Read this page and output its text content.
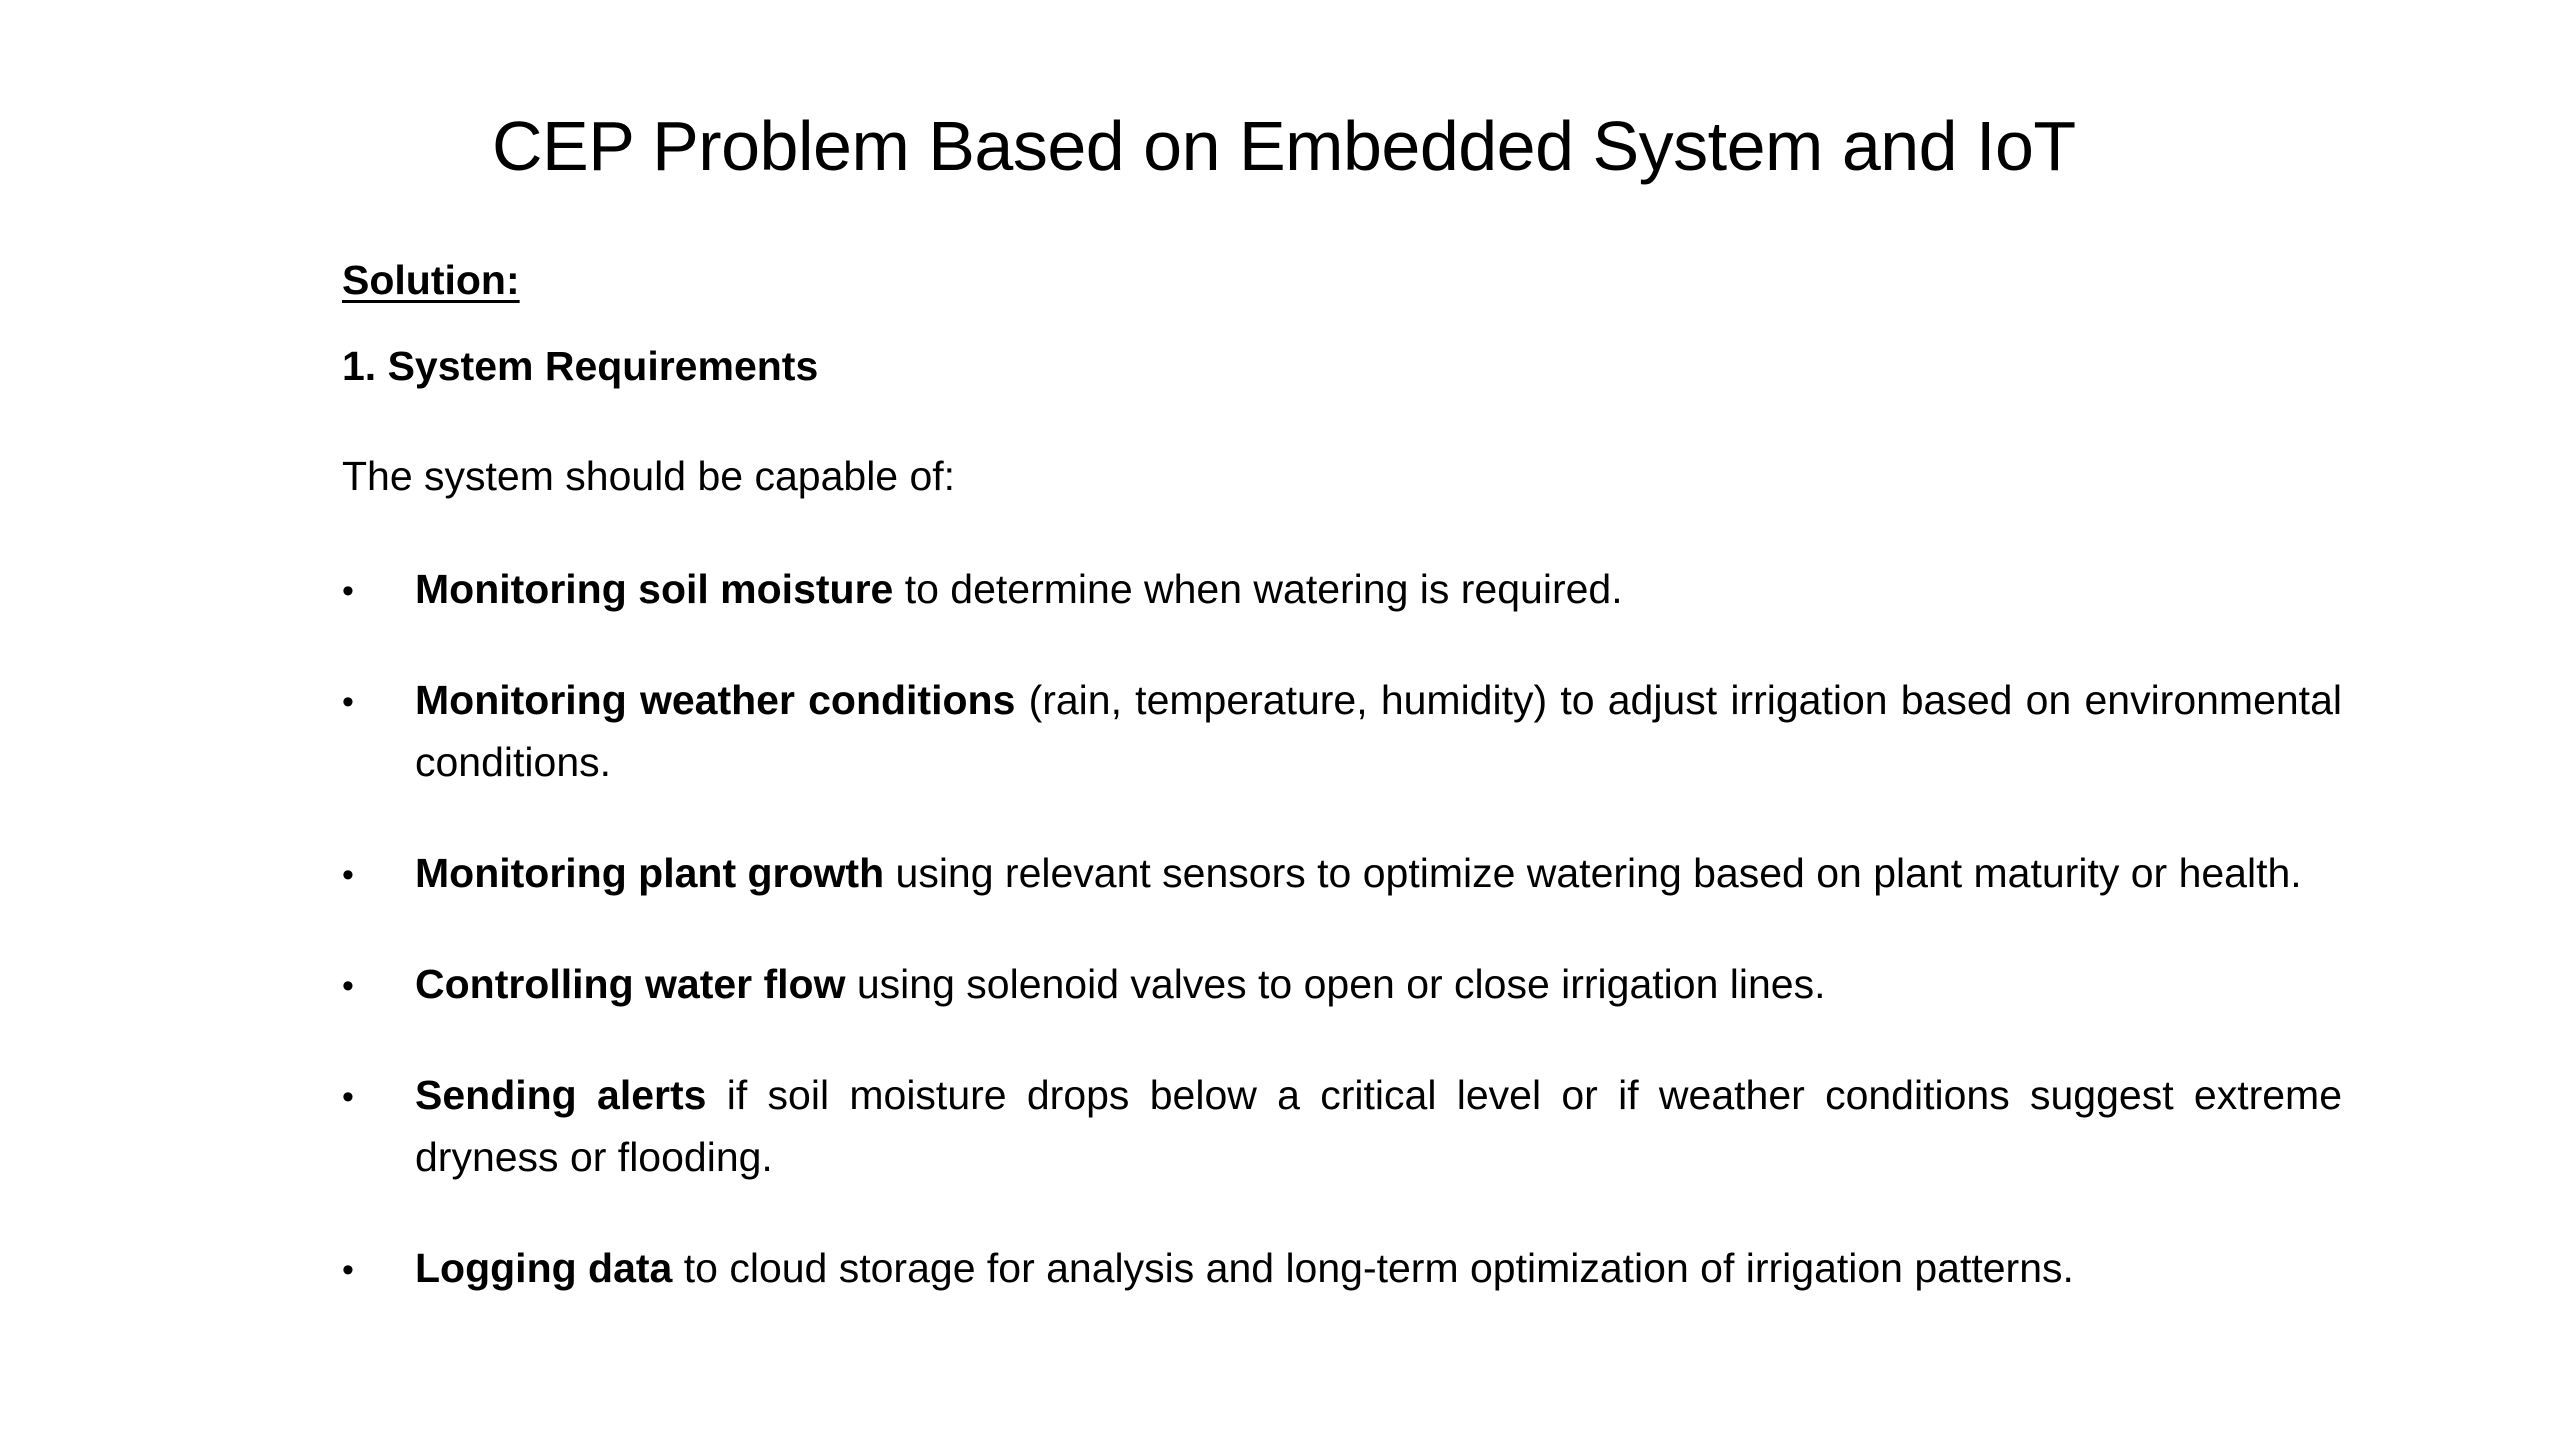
CEP Problem Based on Embedded System and IoT
Solution:
1. System Requirements
The system should be capable of:
• Monitoring soil moisture to determine when watering is required.
• Monitoring weather conditions (rain, temperature, humidity) to adjust irrigation based on environmental conditions.
• Monitoring plant growth using relevant sensors to optimize watering based on plant maturity or health.
• Controlling water flow using solenoid valves to open or close irrigation lines.
• Sending alerts if soil moisture drops below a critical level or if weather conditions suggest extreme dryness or flooding.
• Logging data to cloud storage for analysis and long-term optimization of irrigation patterns.
